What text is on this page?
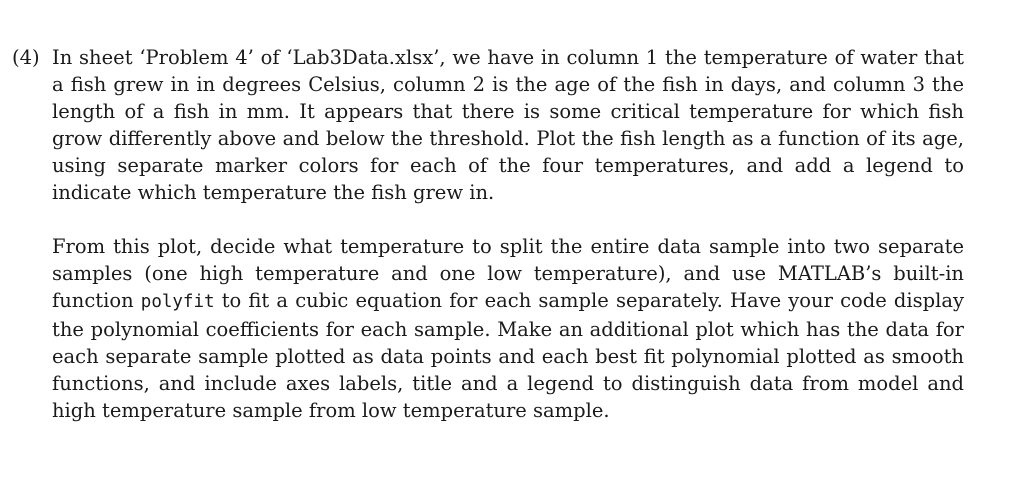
(4) In sheet ‘Problem 4’ of ‘Lab3Data.xlsx’, we have in column 1 the temperature of water that a fish grew in in degrees Celsius, column 2 is the age of the fish in days, and column 3 the length of a fish in mm. It appears that there is some critical temperature for which fish grow differently above and below the threshold. Plot the fish length as a function of its age, using separate marker colors for each of the four temperatures, and add a legend to indicate which temperature the fish grew in.

From this plot, decide what temperature to split the entire data sample into two separate samples (one high temperature and one low temperature), and use MATLAB’s built-in function polyfit to fit a cubic equation for each sample separately. Have your code display the polynomial coefficients for each sample. Make an additional plot which has the data for each separate sample plotted as data points and each best fit polynomial plotted as smooth functions, and include axes labels, title and a legend to distinguish data from model and high temperature sample from low temperature sample.
